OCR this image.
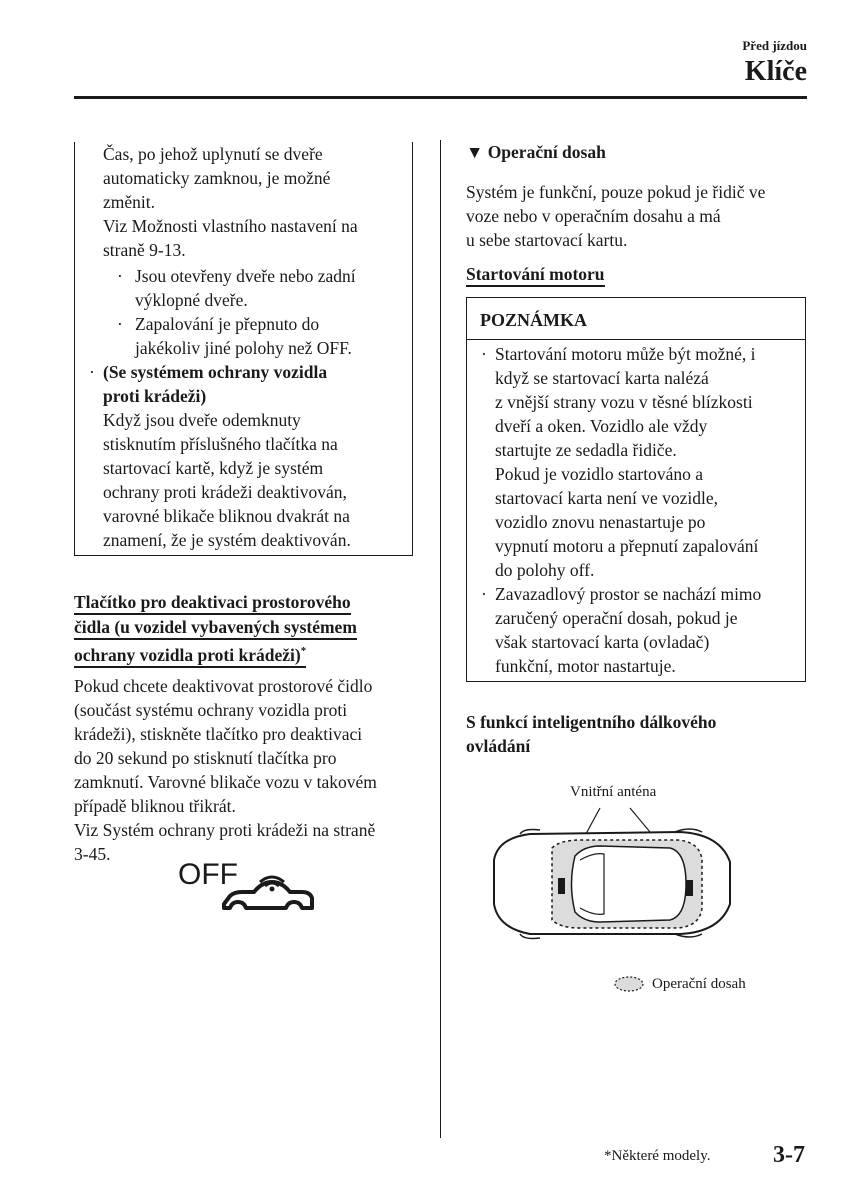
Před jízdou
Klíče

Čas, po jehož uplynutí se dveře

automaticky zamknou, je možné

změnit.

Viz Možnosti vlastního nastavení na

straně 9-13.

· Jsou otevřeny dveře nebo zadní
výklopné dveře.
· Zapalování je přepnuto do
jakékoliv jiné polohy než OFF.
· (Se systémem ochrany vozidla
proti krádeži)
Když jsou dveře odemknuty
stisknutím příslušného tlačítka na
startovací kartě, když je systém
ochrany proti krádeži deaktivován,
varovné blikače bliknou dvakrát na
znamení, že je systém deaktivován.
Tlačítko pro deaktivaci prostorového
čidla (u vozidel vybavených systémem
ochrany vozidla proti krádeži)*
Pokud chcete deaktivovat prostorové čidlo
(součást systému ochrany vozidla proti
krádeži), stiskněte tlačítko pro deaktivaci
do 20 sekund po stisknutí tlačítka pro
zamknutí. Varovné blikače vozu v takovém
případě bliknou třikrát.
Viz Systém ochrany proti krádeži na straně
3-45.
OFF
▼ Operační dosah
Systém je funkční, pouze pokud je řidič ve
voze nebo v operačním dosahu a má
u sebe startovací kartu.
Startování motoru
POZNÁMKA
· Startování motoru může být možné, i
když se startovací karta nalézá
z vnější strany vozu v těsné blízkosti
dveří a oken. Vozidlo ale vždy
startujte ze sedadla řidiče.
Pokud je vozidlo startováno a
startovací karta není ve vozidle,
vozidlo znovu nenastartuje po
vypnutí motoru a přepnutí zapalování
do polohy off.
· Zavazadlový prostor se nachází mimo
zaručený operační dosah, pokud je
však startovací karta (ovladač)
funkční, motor nastartuje.
S funkcí inteligentního dálkového
ovládání
Vnitřní anténa
Operační dosah
*Některé modely.	3-7
